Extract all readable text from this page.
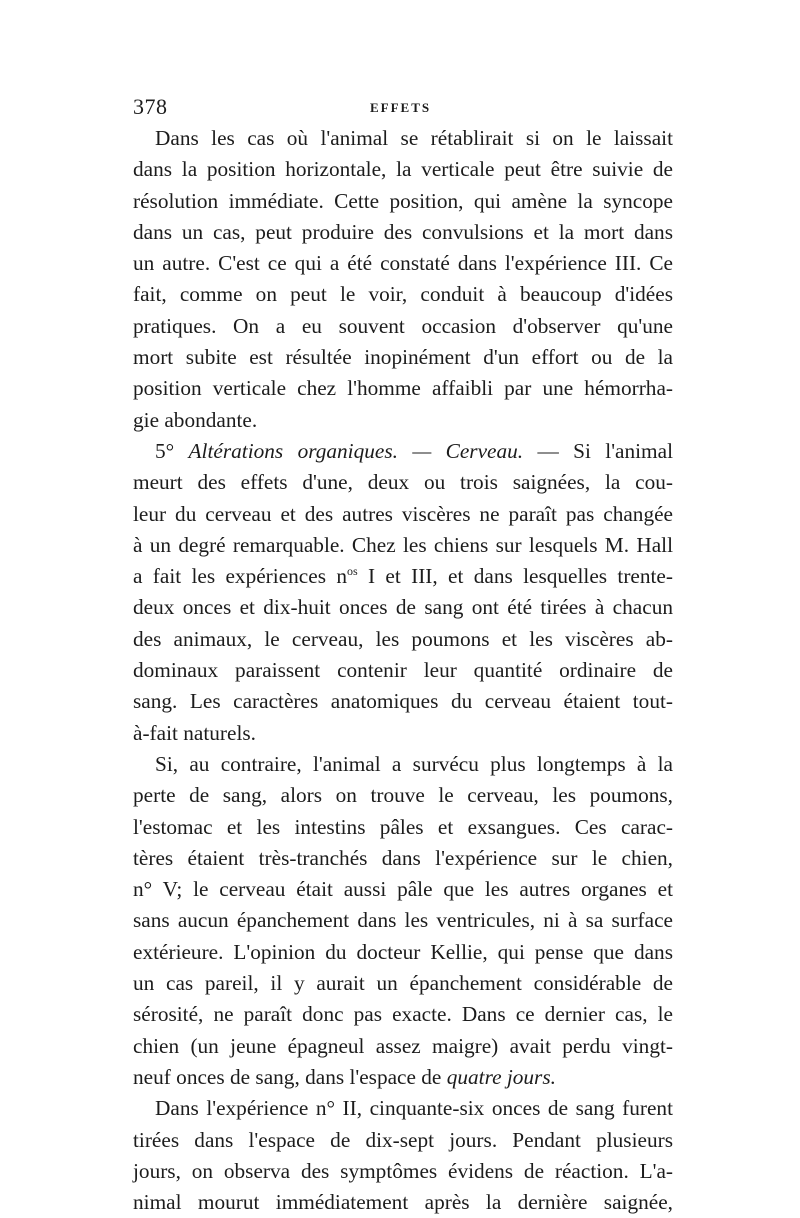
378	EFFETS
Dans les cas où l'animal se rétablirait si on le laissait
dans la position horizontale, la verticale peut être suivie de
résolution immédiate. Cette position, qui amène la syncope
dans un cas, peut produire des convulsions et la mort dans
un autre. C'est ce qui a été constaté dans l'expérience III. Ce
fait, comme on peut le voir, conduit à beaucoup d'idées
pratiques. On a eu souvent occasion d'observer qu'une
mort subite est résultée inopinément d'un effort ou de la
position verticale chez l'homme affaibli par une hémorrha-
gie abondante.
5° Altérations organiques. — Cerveau. — Si l'animal
meurt des effets d'une, deux ou trois saignées, la cou-
leur du cerveau et des autres viscères ne paraît pas changée
à un degré remarquable. Chez les chiens sur lesquels M. Hall
a fait les expériences $n^{os}$ I et III, et dans lesquelles trente-
deux onces et dix-huit onces de sang ont été tirées à chacun
des animaux, le cerveau, les poumons et les viscères ab-
dominaux paraissent contenir leur quantité ordinaire de
sang. Les caractères anatomiques du cerveau étaient tout-
à-fait naturels.
Si, au contraire, l'animal a survécu plus longtemps à la
perte de sang, alors on trouve le cerveau, les poumons,
l'estomac et les intestins pâles et exsangues. Ces carac-
tères étaient très-tranchés dans l'expérience sur le chien,
n° V; le cerveau était aussi pâle que les autres organes et
sans aucun épanchement dans les ventricules, ni à sa surface
extérieure. L'opinion du docteur Kellie, qui pense que dans
un cas pareil, il y aurait un épanchement considérable de
sérosité, ne paraît donc pas exacte. Dans ce dernier cas, le
chien (un jeune épagneul assez maigre) avait perdu vingt-
neuf onces de sang, dans l'espace de quatre jours.
Dans l'expérience n° II, cinquante-six onces de sang furent
tirées dans l'espace de dix-sept jours. Pendant plusieurs
jours, on observa des symptômes évidens de réaction. L'a-
nimal mourut immédiatement après la dernière saignée,
